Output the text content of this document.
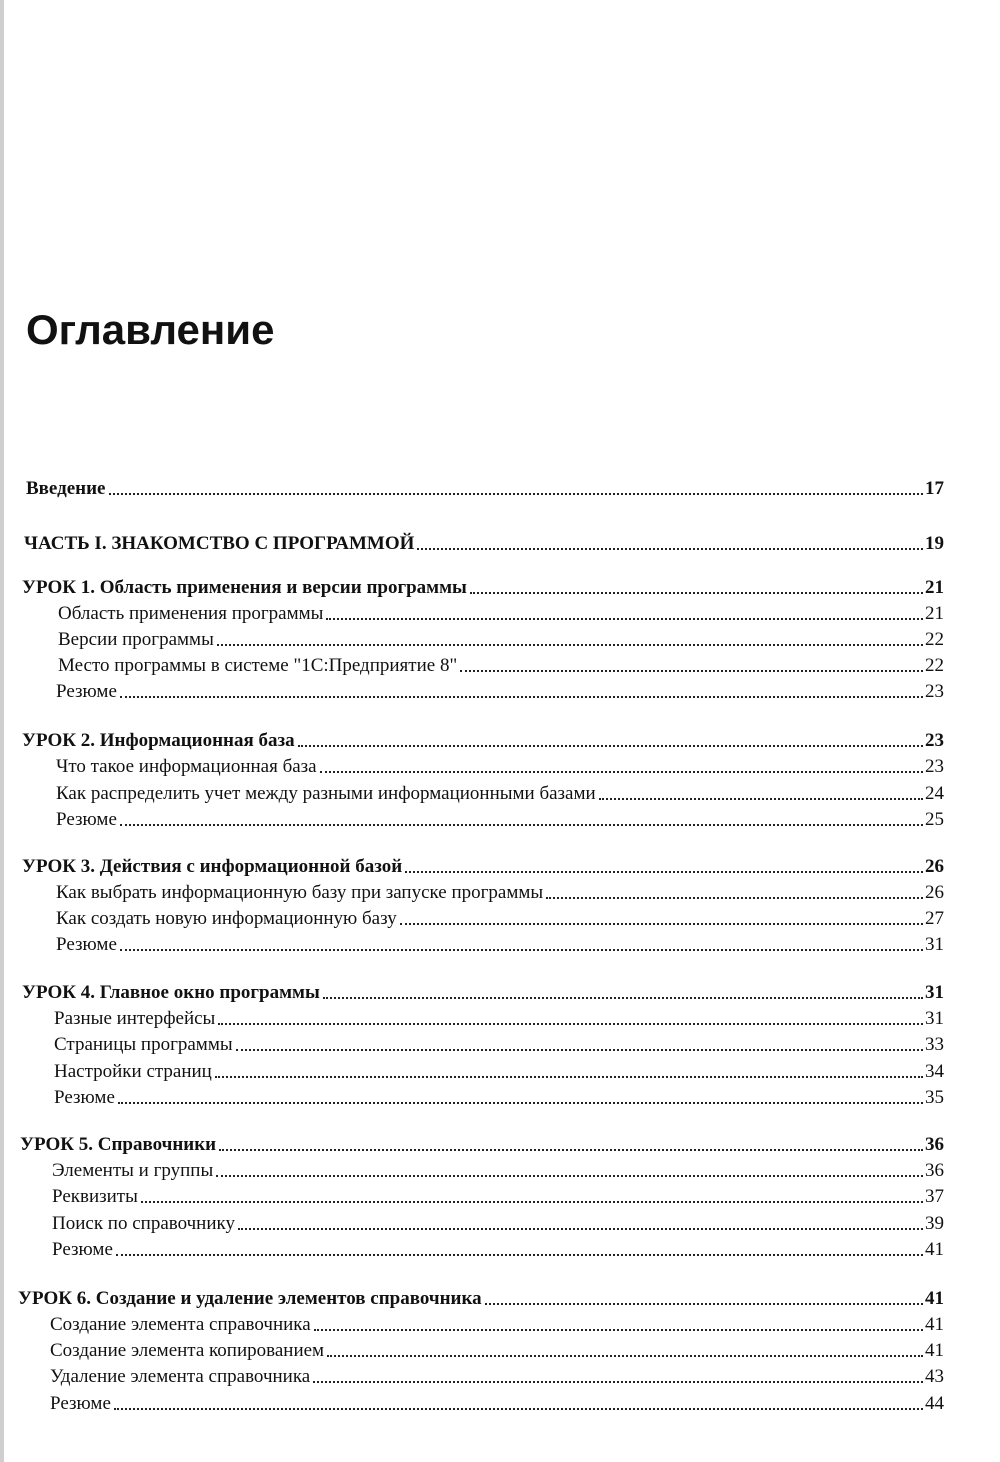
Оглавление
Введение	17
ЧАСТЬ I. ЗНАКОМСТВО С ПРОГРАММОЙ	19
УРОК 1. Область применения и версии программы	21
Область применения программы	21
Версии программы	22
Место программы в системе "1С:Предприятие 8"	22
Резюме	23
УРОК 2. Информационная база	23
Что такое информационная база	23
Как распределить учет между разными информационными базами	24
Резюме	25
УРОК 3. Действия с информационной базой	26
Как выбрать информационную базу при запуске программы	26
Как создать новую информационную базу	27
Резюме	31
УРОК 4. Главное окно программы	31
Разные интерфейсы	31
Страницы программы	33
Настройки страниц	34
Резюме	35
УРОК 5. Справочники	36
Элементы и группы	36
Реквизиты	37
Поиск по справочнику	39
Резюме	41
УРОК 6. Создание и удаление элементов справочника	41
Создание элемента справочника	41
Создание элемента копированием	41
Удаление элемента справочника	43
Резюме	44
